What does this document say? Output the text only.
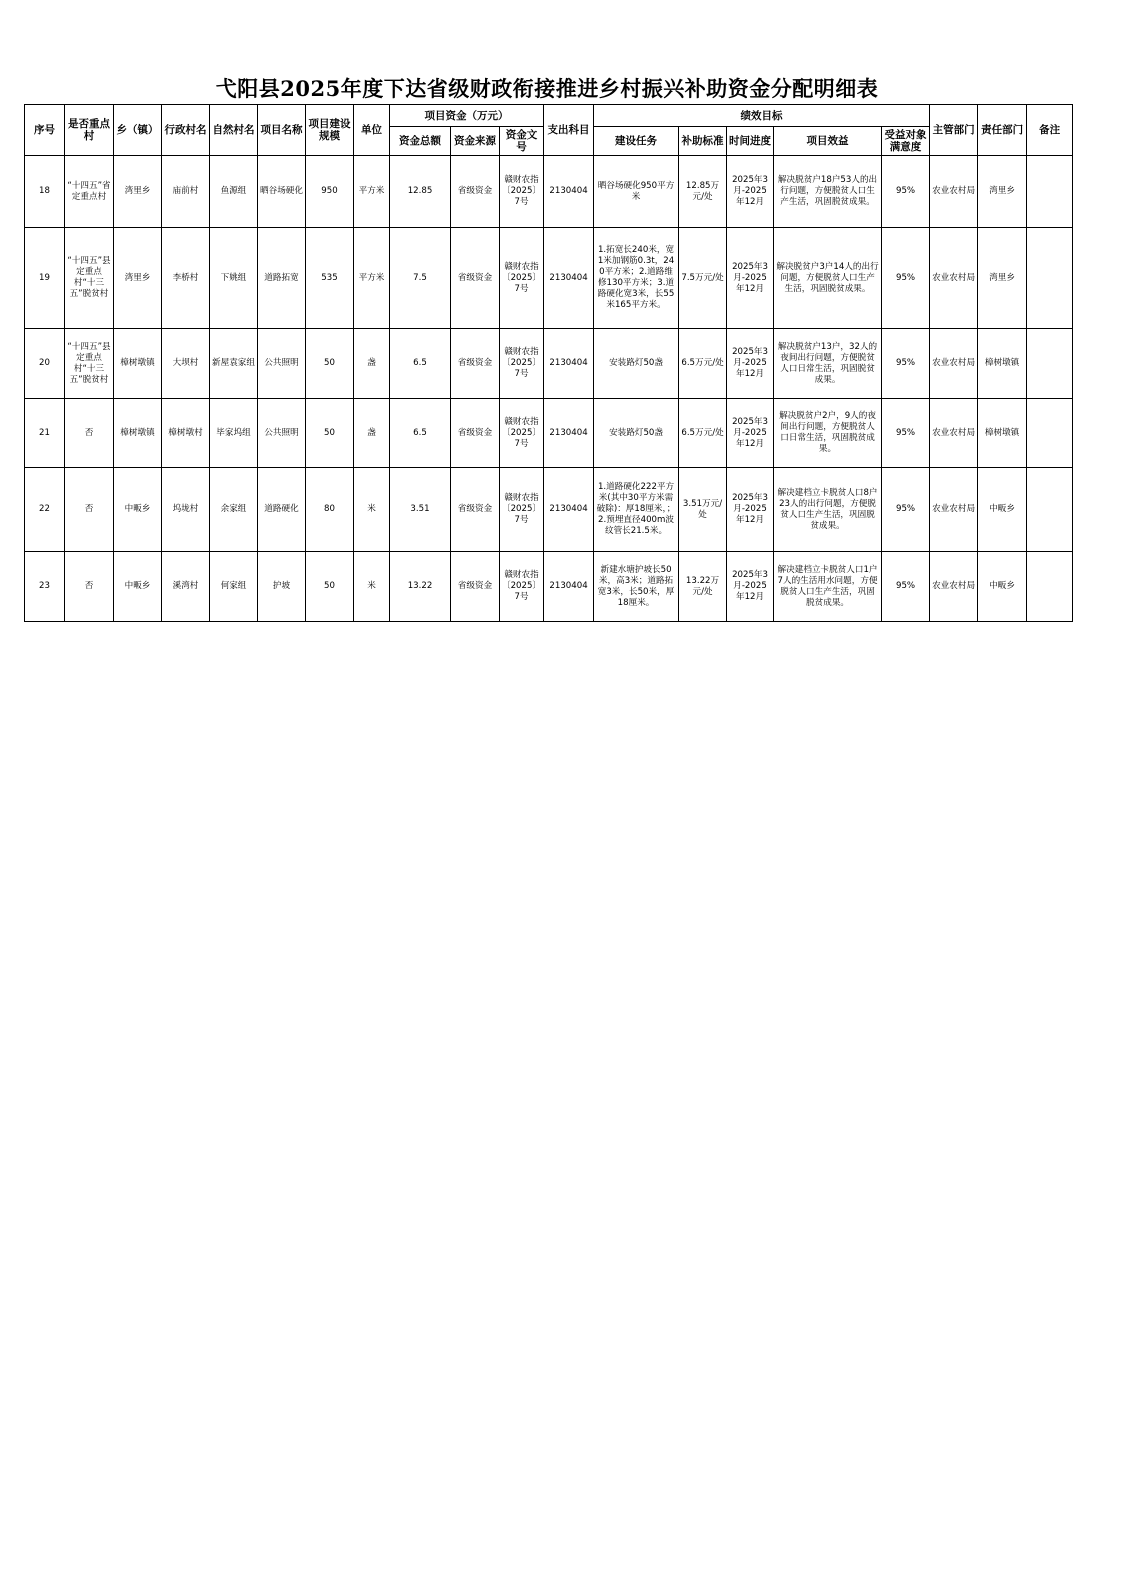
弋阳县2025年度下达省级财政衔接推进乡村振兴补助资金分配明细表
序号	是否重点村	乡（镇）	行政村名	自然村名	项目名称	项目建设规模	单位	项目资金（万元）			支出科目	绩效目标					主管部门	责任部门	备注
								资金总额	资金来源	资金文号		建设任务	补助标准	时间进度	项目效益	受益对象满意度			
18	“十四五”省定重点村	湾里乡	庙前村	鱼源组	晒谷场硬化	950	平方米	12.85	省级资金	赣财农指〔2025〕7号	2130404	晒谷场硬化950平方米	12.85万元/处	2025年3月-2025年12月	解决脱贫户18户53人的出行问题，方便脱贫人口生产生活，巩固脱贫成果。	95%	农业农村局	湾里乡	
19	“十四五”县定重点村“十三五”脱贫村	湾里乡	李桥村	下姚组	道路拓宽	535	平方米	7.5	省级资金	赣财农指〔2025〕7号	2130404	1.拓宽长240米，宽1米加钢筋0.3t，240平方米；2.道路维修130平方米；3.道路硬化宽3米，长55米165平方米。	7.5万元/处	2025年3月-2025年12月	解决脱贫户3户14人的出行问题，方便脱贫人口生产生活，巩固脱贫成果。	95%	农业农村局	湾里乡	
20	“十四五”县定重点村“十三五”脱贫村	樟树墩镇	大坝村	新屋袁家组	公共照明	50	盏	6.5	省级资金	赣财农指〔2025〕7号	2130404	安装路灯50盏	6.5万元/处	2025年3月-2025年12月	解决脱贫户13户，32人的夜间出行问题，方便脱贫人口日常生活，巩固脱贫成果。	95%	农业农村局	樟树墩镇	
21	否	樟树墩镇	樟树墩村	毕家坞组	公共照明	50	盏	6.5	省级资金	赣财农指〔2025〕7号	2130404	安装路灯50盏	6.5万元/处	2025年3月-2025年12月	解决脱贫户2户，9人的夜间出行问题，方便脱贫人口日常生活，巩固脱贫成果。	95%	农业农村局	樟树墩镇	
22	否	中畈乡	坞垅村	余家组	道路硬化	80	米	3.51	省级资金	赣财农指〔2025〕7号	2130404	1.道路硬化222平方米(其中30平方米需破除)：厚18厘米，；2.预埋直径400m波纹管长21.5米。	3.51万元/处	2025年3月-2025年12月	解决建档立卡脱贫人口8户23人的出行问题，方便脱贫人口生产生活，巩固脱贫成果。	95%	农业农村局	中畈乡	
23	否	中畈乡	溪湾村	何家组	护坡	50	米	13.22	省级资金	赣财农指〔2025〕7号	2130404	新建水塘护坡长50米，高3米；道路拓宽3米，长50米，厚18厘米。	13.22万元/处	2025年3月-2025年12月	解决建档立卡脱贫人口1户7人的生活用水问题，方便脱贫人口生产生活，巩固脱贫成果。	95%	农业农村局	中畈乡	
